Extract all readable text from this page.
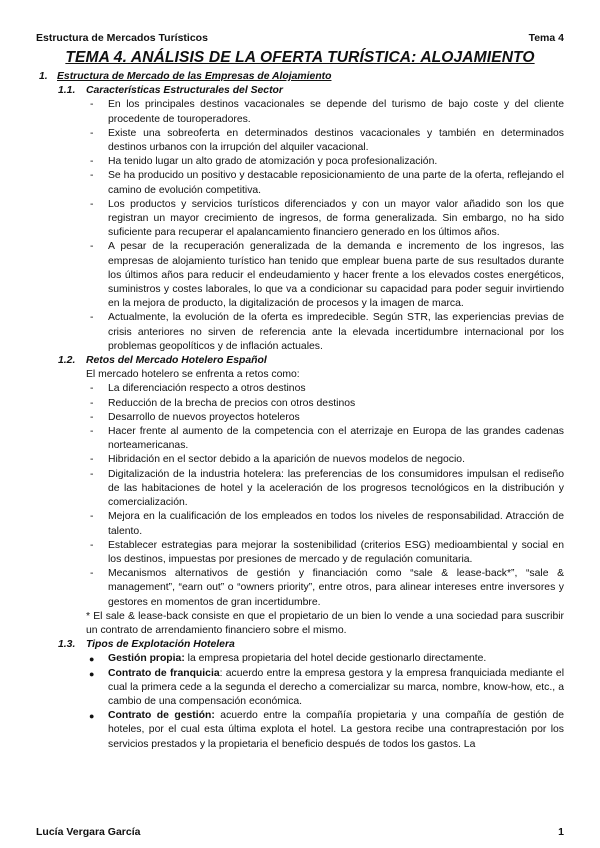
Estructura de Mercados Turísticos	Tema 4
TEMA 4. ANÁLISIS DE LA OFERTA TURÍSTICA: ALOJAMIENTO
1. Estructura de Mercado de las Empresas de Alojamiento
1.1. Características Estructurales del Sector
- En los principales destinos vacacionales se depende del turismo de bajo coste y del cliente procedente de touroperadores.
- Existe una sobreoferta en determinados destinos vacacionales y también en determinados destinos urbanos con la irrupción del alquiler vacacional.
- Ha tenido lugar un alto grado de atomización y poca profesionalización.
- Se ha producido un positivo y destacable reposicionamiento de una parte de la oferta, reflejando el camino de evolución competitiva.
- Los productos y servicios turísticos diferenciados y con un mayor valor añadido son los que registran un mayor crecimiento de ingresos, de forma generalizada. Sin embargo, no ha sido suficiente para recuperar el apalancamiento financiero generado en los últimos años.
- A pesar de la recuperación generalizada de la demanda e incremento de los ingresos, las empresas de alojamiento turístico han tenido que emplear buena parte de sus resultados durante los últimos años para reducir el endeudamiento y hacer frente a los elevados costes energéticos, suministros y costes laborales, lo que va a condicionar su capacidad para poder seguir invirtiendo en la mejora de producto, la digitalización de procesos y la imagen de marca.
- Actualmente, la evolución de la oferta es impredecible. Según STR, las experiencias previas de crisis anteriores no sirven de referencia ante la elevada incertidumbre internacional por los problemas geopolíticos y de inflación actuales.
1.2. Retos del Mercado Hotelero Español
El mercado hotelero se enfrenta a retos como:
- La diferenciación respecto a otros destinos
- Reducción de la brecha de precios con otros destinos
- Desarrollo de nuevos proyectos hoteleros
- Hacer frente al aumento de la competencia con el aterrizaje en Europa de las grandes cadenas norteamericanas.
- Hibridación en el sector debido a la aparición de nuevos modelos de negocio.
- Digitalización de la industria hotelera: las preferencias de los consumidores impulsan el rediseño de las habitaciones de hotel y la aceleración de los progresos tecnológicos en la distribución y comercialización.
- Mejora en la cualificación de los empleados en todos los niveles de responsabilidad. Atracción de talento.
- Establecer estrategias para mejorar la sostenibilidad (criterios ESG) medioambiental y social en los destinos, impuestas por presiones de mercado y de regulación comunitaria.
- Mecanismos alternativos de gestión y financiación como “sale & lease-back*”, “sale & management”, “earn out” o “owners priority”, entre otros, para alinear intereses entre inversores y gestores en momentos de gran incertidumbre.
* El sale & lease-back consiste en que el propietario de un bien lo vende a una sociedad para suscribir un contrato de arrendamiento financiero sobre el mismo.
1.3. Tipos de Explotación Hotelera
● Gestión propia: la empresa propietaria del hotel decide gestionarlo directamente.
● Contrato de franquicia: acuerdo entre la empresa gestora y la empresa franquiciada mediante el cual la primera cede a la segunda el derecho a comercializar su marca, nombre, know-how, etc., a cambio de una compensación económica.
● Contrato de gestión: acuerdo entre la compañía propietaria y una compañía de gestión de hoteles, por el cual esta última explota el hotel. La gestora recibe una contraprestación por los servicios prestados y la propietaria el beneficio después de todos los gastos. La
Lucía Vergara García	1
